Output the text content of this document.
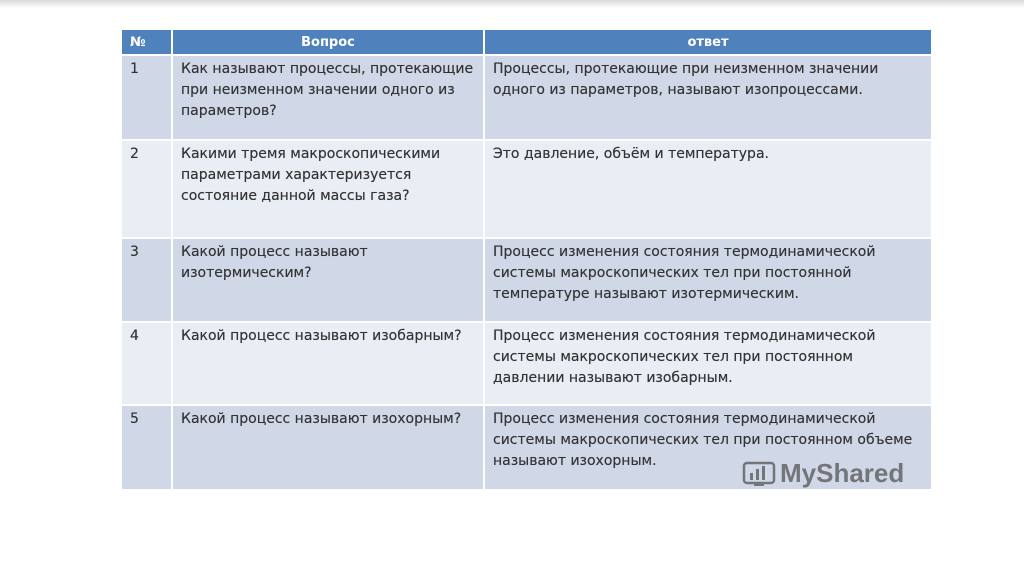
№	Вопрос	ответ
1	Как называют процессы, протекающие при неизменном значении одного из параметров?	Процессы, протекающие при неизменном значении одного из параметров, называют изопроцессами.
2	Какими тремя макроскопическими параметрами характеризуется состояние данной массы газа?	Это давление, объём и температура.
3	Какой процесс называют изотермическим?	Процесс изменения состояния термодинамической системы макроскопических тел при постоянной температуре называют изотермическим.
4	Какой процесс называют изобарным?	Процесс изменения состояния термодинамической системы макроскопических тел при постоянном давлении называют изобарным.
5	Какой процесс называют изохорным?	Процесс изменения состояния термодинамической системы макроскопических тел при постоянном объеме называют изохорным.	MyShared
